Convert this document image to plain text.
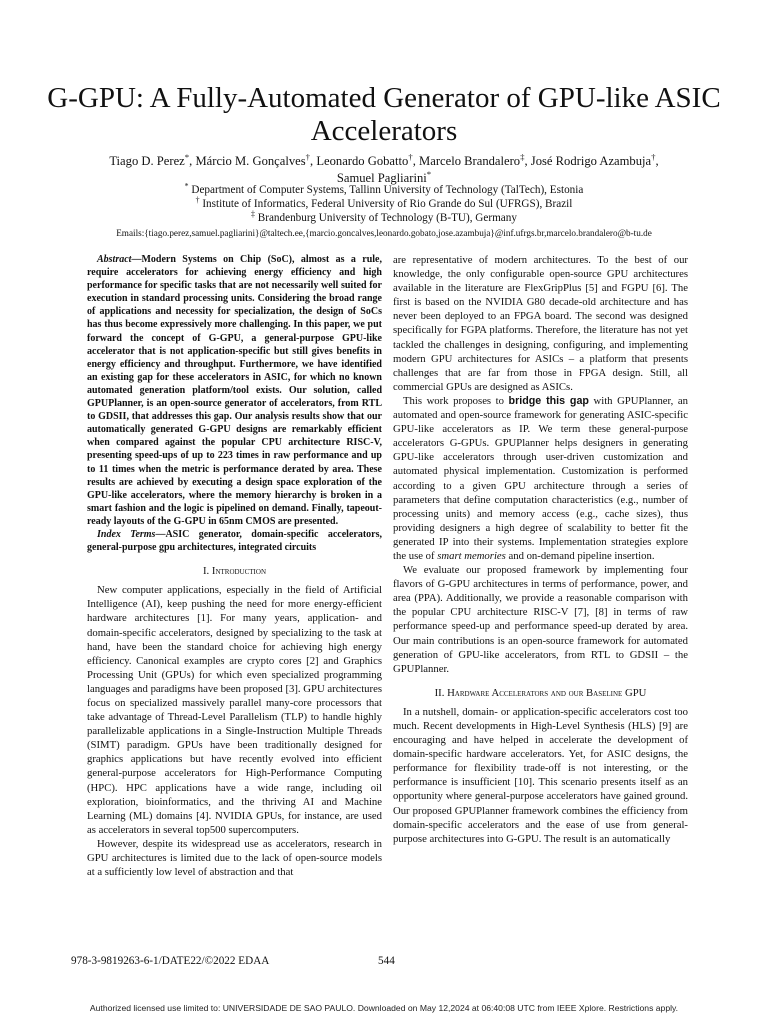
G-GPU: A Fully-Automated Generator of GPU-like ASIC Accelerators
Tiago D. Perez*, Márcio M. Gonçalves†, Leonardo Gobatto†, Marcelo Brandalero‡, José Rodrigo Azambuja†,
Samuel Pagliarini*
* Department of Computer Systems, Tallinn University of Technology (TalTech), Estonia
† Institute of Informatics, Federal University of Rio Grande do Sul (UFRGS), Brazil
‡ Brandenburg University of Technology (B-TU), Germany
Emails:{tiago.perez,samuel.pagliarini}@taltech.ee,{marcio.goncalves,leonardo.gobato,jose.azambuja}@inf.ufrgs.br,marcelo.brandalero@b-tu.de

Abstract—Modern Systems on Chip (SoC), almost as a rule, require accelerators for achieving energy efficiency and high performance for specific tasks that are not necessarily well suited for execution in standard processing units. Considering the broad range of applications and necessity for specialization, the design of SoCs has thus become expressively more challenging. In this paper, we put forward the concept of G-GPU, a general-purpose GPU-like accelerator that is not application-specific but still gives benefits in energy efficiency and throughput. Furthermore, we have identified an existing gap for these accelerators in ASIC, for which no known automated generation platform/tool exists. Our solution, called GPUPlanner, is an open-source generator of accelerators, from RTL to GDSII, that addresses this gap. Our analysis results show that our automatically generated G-GPU designs are remarkably efficient when compared against the popular CPU architecture RISC-V, presenting speed-ups of up to 223 times in raw performance and up to 11 times when the metric is performance derated by area. These results are achieved by executing a design space exploration of the GPU-like accelerators, where the memory hierarchy is broken in a smart fashion and the logic is pipelined on demand. Finally, tapeout-ready layouts of the G-GPU in 65nm CMOS are presented.

Index Terms—ASIC generator, domain-specific accelerators, general-purpose gpu architectures, integrated circuits

I. Introduction

New computer applications, especially in the field of Artificial Intelligence (AI), keep pushing the need for more energy-efficient hardware architectures [1]. For many years, application- and domain-specific accelerators, designed by specializing to the task at hand, have been the standard choice for achieving high energy efficiency. Canonical examples are crypto cores [2] and Graphics Processing Unit (GPUs) for which even specialized programming languages and paradigms have been proposed [3]. GPU architectures focus on specialized massively parallel many-core processors that take advantage of Thread-Level Parallelism (TLP) to handle highly parallelizable applications in a Single-Instruction Multiple Threads (SIMT) paradigm. GPUs have been traditionally designed for graphics applications but have recently evolved into efficient general-purpose accelerators for High-Performance Computing (HPC). HPC applications have a wide range, including oil exploration, bioinformatics, and the thriving AI and Machine Learning (ML) domains [4]. NVIDIA GPUs, for instance, are used as accelerators in several top500 supercomputers.

However, despite its widespread use as accelerators, research in GPU architectures is limited due to the lack of open-source models at a sufficiently low level of abstraction and that

are representative of modern architectures. To the best of our knowledge, the only configurable open-source GPU architectures available in the literature are FlexGripPlus [5] and FGPU [6]. The first is based on the NVIDIA G80 decade-old architecture and has never been deployed to an FPGA board. The second was designed specifically for FGPA platforms. Therefore, the literature has not yet tackled the challenges in designing, configuring, and implementing modern GPU architectures for ASICs – a platform that presents challenges that are far from those in FPGA design. Still, all commercial GPUs are designed as ASICs.

This work proposes to bridge this gap with GPUPlanner, an automated and open-source framework for generating ASIC-specific GPU-like accelerators as IP. We term these general-purpose accelerators G-GPUs. GPUPlanner helps designers in generating GPU-like accelerators through user-driven customization and automated physical implementation. Customization is performed according to a given GPU architecture through a series of parameters that define computation characteristics (e.g., number of processing units) and memory access (e.g., cache sizes), thus providing designers a high degree of scalability to better fit the generated IP into their systems. Implementation strategies explore the use of smart memories and on-demand pipeline insertion.

We evaluate our proposed framework by implementing four flavors of G-GPU architectures in terms of performance, power, and area (PPA). Additionally, we provide a reasonable comparison with the popular CPU architecture RISC-V [7], [8] in terms of raw performance speed-up and performance speed-up derated by area. Our main contributions is an open-source framework for automated generation of GPU-like accelerators, from RTL to GDSII – the GPUPlanner.

II. Hardware Accelerators and our Baseline GPU

In a nutshell, domain- or application-specific accelerators cost too much. Recent developments in High-Level Synthesis (HLS) [9] are encouraging and have helped in accelerate the development of domain-specific hardware accelerators. Yet, for ASIC designs, the performance for flexibility trade-off is not interesting, or the performance is insufficient [10]. This scenario presents itself as an opportunity where general-purpose accelerators have gained ground. Our proposed GPUPlanner framework combines the efficiency from domain-specific accelerators and the ease of use from general-purpose architectures into G-GPU. The result is an automatically

978-3-9819263-6-1/DATE22/©2022 EDAA	544
Authorized licensed use limited to: UNIVERSIDADE DE SAO PAULO. Downloaded on May 12,2024 at 06:40:08 UTC from IEEE Xplore. Restrictions apply.
